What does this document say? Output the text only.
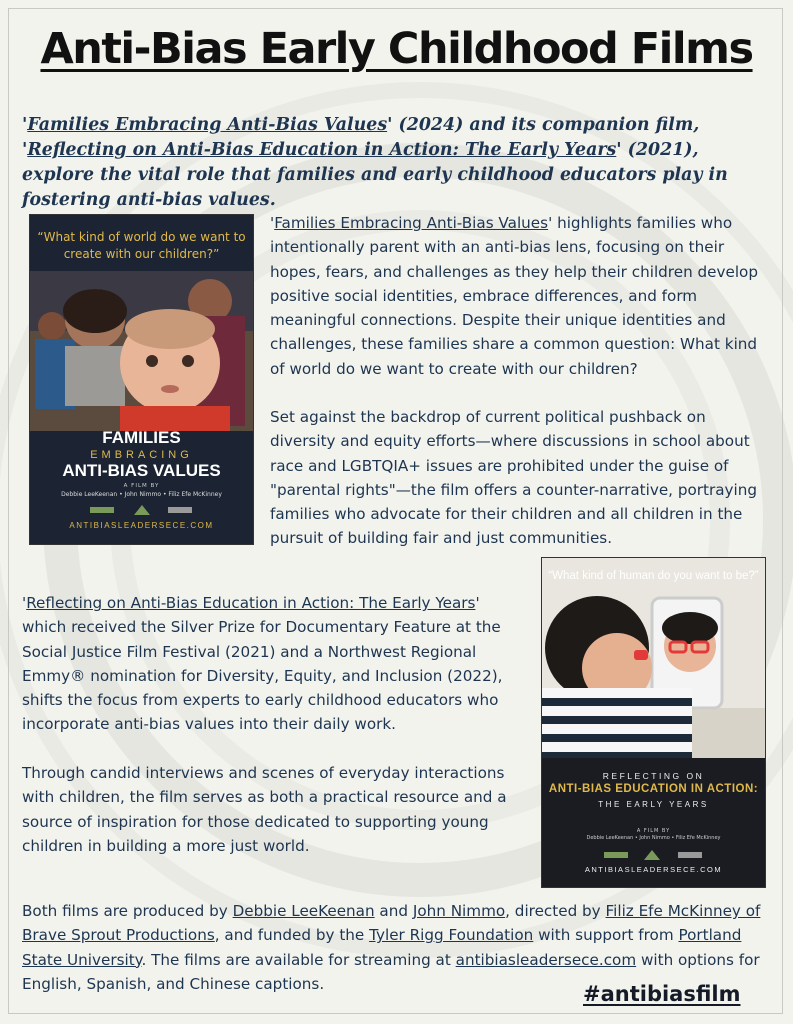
Anti-Bias Early Childhood Films
'Families Embracing Anti-Bias Values' (2024) and its companion film, 'Reflecting on Anti-Bias Education in Action: The Early Years' (2021), explore the vital role that families and early childhood educators play in fostering anti-bias values.
“What kind of world do we want to create with our children?”
FAMILIES
EMBRACING
ANTI-BIAS VALUES
A FILM BY
Debbie LeeKeenan • John Nimmo • Filiz Efe McKinney
ANTIBIASLEADERSECE.COM
'Families Embracing Anti-Bias Values' highlights families who intentionally parent with an anti-bias lens, focusing on their hopes, fears, and challenges as they help their children develop positive social identities, embrace differences, and form meaningful connections. Despite their unique identities and challenges, these families share a common question: What kind of world do we want to create with our children?
Set against the backdrop of current political pushback on diversity and equity efforts—where discussions in school about race and LGBTQIA+ issues are prohibited under the guise of "parental rights"—the film offers a counter-narrative, portraying families who advocate for their children and all children in the pursuit of building fair and just communities.
'Reflecting on Anti-Bias Education in Action: The Early Years' which received the Silver Prize for Documentary Feature at the Social Justice Film Festival (2021) and a Northwest Regional Emmy® nomination for Diversity, Equity, and Inclusion (2022), shifts the focus from experts to early childhood educators who incorporate anti-bias values into their daily work.
Through candid interviews and scenes of everyday interactions with children, the film serves as both a practical resource and a source of inspiration for those dedicated to supporting young children in building a more just world.
“What kind of human do you want to be?”
REFLECTING ON
ANTI-BIAS EDUCATION IN ACTION:
THE EARLY YEARS
A FILM BY
Debbie LeeKeenan • John Nimmo • Filiz Efe McKinney
ANTIBIASLEADERSECE.COM
Both films are produced by Debbie LeeKeenan and John Nimmo, directed by Filiz Efe McKinney of Brave Sprout Productions, and funded by the Tyler Rigg Foundation with support from Portland State University. The films are available for streaming at antibiasleadersece.com with options for English, Spanish, and Chinese captions.	#antibiasfilm
